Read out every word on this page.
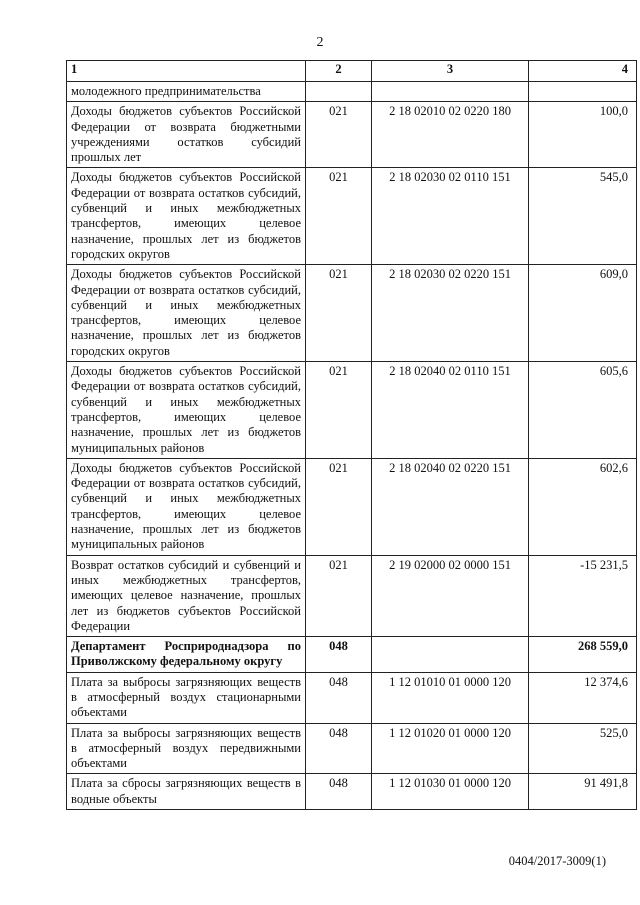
2
1	2	3	4
молодежного предпринимательства			
Доходы бюджетов субъектов Российской Федерации от возврата бюджетными учреждениями остатков субсидий прошлых лет	021	2 18 02010 02 0220 180	100,0
Доходы бюджетов субъектов Российской Федерации от возврата остатков субсидий, субвенций и иных межбюджетных трансфертов, имеющих целевое назначение, прошлых лет из бюджетов городских округов	021	2 18 02030 02 0110 151	545,0
Доходы бюджетов субъектов Российской Федерации от возврата остатков субсидий, субвенций и иных межбюджетных трансфертов, имеющих целевое назначение, прошлых лет из бюджетов городских округов	021	2 18 02030 02 0220 151	609,0
Доходы бюджетов субъектов Российской Федерации от возврата остатков субсидий, субвенций и иных межбюджетных трансфертов, имеющих целевое назначение, прошлых лет из бюджетов муниципальных районов	021	2 18 02040 02 0110 151	605,6
Доходы бюджетов субъектов Российской Федерации от возврата остатков субсидий, субвенций и иных межбюджетных трансфертов, имеющих целевое назначение, прошлых лет из бюджетов муниципальных районов	021	2 18 02040 02 0220 151	602,6
Возврат остатков субсидий и субвенций и иных межбюджетных трансфертов, имеющих целевое назначение, прошлых лет из бюджетов субъектов Российской Федерации	021	2 19 02000 02 0000 151	-15 231,5
Департамент Росприроднадзора по Приволжскому федеральному округу	048		268 559,0
Плата за выбросы загрязняющих веществ в атмосферный воздух стационарными объектами	048	1 12 01010 01 0000 120	12 374,6
Плата за выбросы загрязняющих веществ в атмосферный воздух передвижными объектами	048	1 12 01020 01 0000 120	525,0
Плата за сбросы загрязняющих веществ в водные объекты	048	1 12 01030 01 0000 120	91 491,8
0404/2017-3009(1)
